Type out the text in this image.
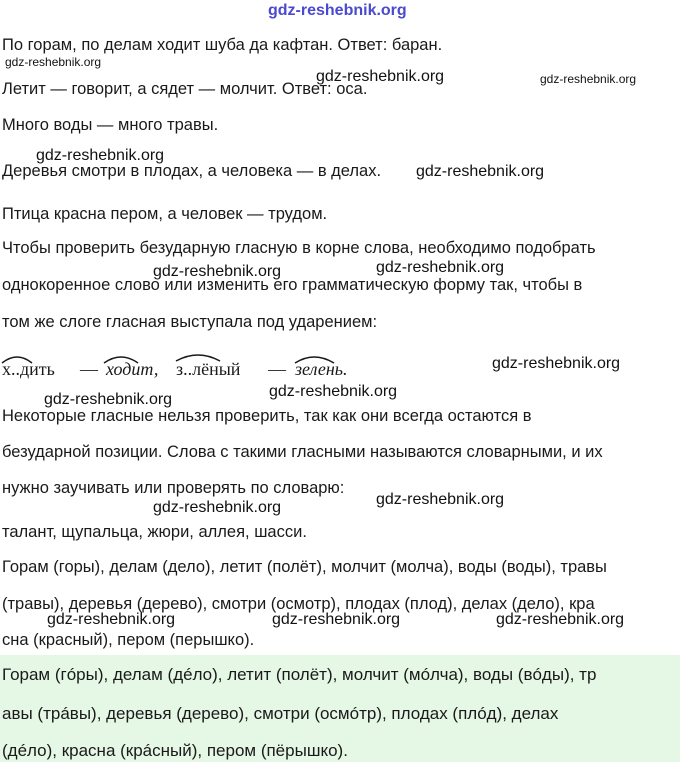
gdz-reshebnik.org
По горам, по делам ходит шуба да кафтан. Ответ: баран.
gdz-reshebnik.org
gdz-reshebnik.org	gdz-reshebnik.org
Летит — говорит, а сядет — молчит. Ответ: оса.
Много воды — много травы.
gdz-reshebnik.org
Деревья смотри в плодах, а человека — в делах. gdz-reshebnik.org
Птица красна пером, а человек — трудом.
Чтобы проверить безударную гласную в корне слова, необходимо подобрать
gdz-reshebnik.org	gdz-reshebnik.org
однокоренное слово или изменить его грамматическую форму так, чтобы в
том же слоге гласная выступала под ударением:
х..дить — ходит, з..лёный — зелень.	gdz-reshebnik.org
gdz-reshebnik.org	gdz-reshebnik.org
Некоторые гласные нельзя проверить, так как они всегда остаются в
безударной позиции. Слова с такими гласными называются словарными, и их
нужно заучивать или проверять по словарю:
gdz-reshebnik.org
gdz-reshebnik.org
талант, щупальца, жюри, аллея, шасси.
Горам (горы), делам (дело), летит (полёт), молчит (молча), воды (воды), травы
(травы), деревья (дерево), смотри (осмотр), плодах (плод), делах (дело), кра
gdz-reshebnik.org	gdz-reshebnik.org	gdz-reshebnik.org
сна (красный), пером (перышко).
Горам (гóры), делам (дéло), летит (полёт), молчит (мóлча), воды (вóды), тр
авы (трáвы), деревья (дерево), смотри (осмóтр), плодах (плóд), делах
(дéло), красна (крáсный), пером (пёрышко).
